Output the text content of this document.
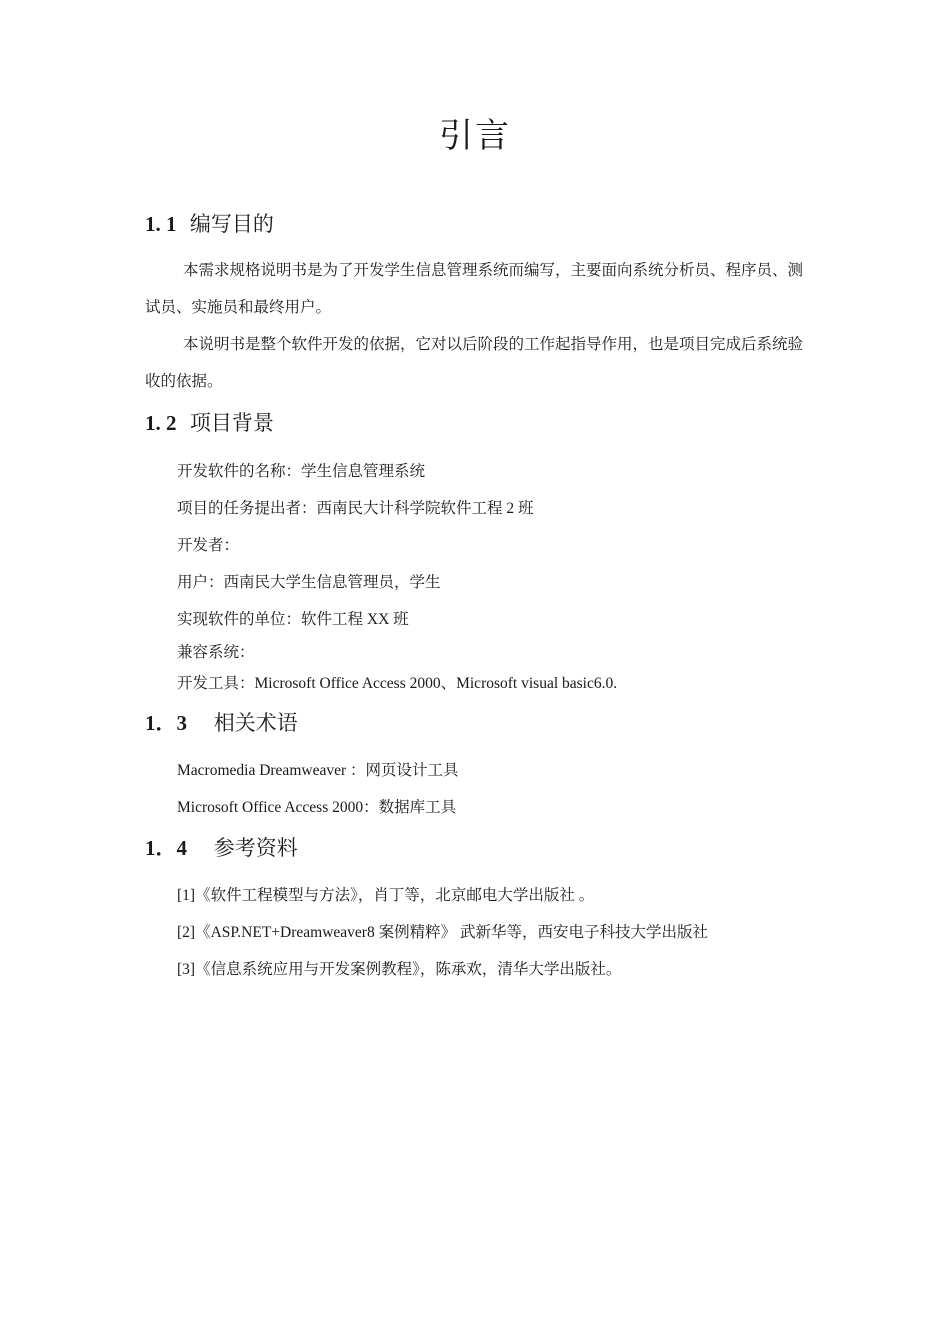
引言
1. 1 编写目的

本需求规格说明书是为了开发学生信息管理系统而编写，主要面向系统分析员、程序员、测试员、实施员和最终用户。

本说明书是整个软件开发的依据，它对以后阶段的工作起指导作用，也是项目完成后系统验收的依据。

1. 2 项目背景
开发软件的名称：学生信息管理系统
项目的任务提出者：西南民大计科学院软件工程 2 班
开发者：
用户：西南民大学生信息管理员，学生
实现软件的单位：软件工程 XX 班
兼容系统：
开发工具：Microsoft Office Access 2000、Microsoft visual basic6.0.
1．3 相关术语
Macromedia Dreamweaver ：网页设计工具
Microsoft Office Access 2000：数据库工具
1．4 参考资料
[1]《软件工程模型与方法》，肖丁等，北京邮电大学出版社 。
[2]《ASP.NET+Dreamweaver8 案例精粹》 武新华等，西安电子科技大学出版社
[3]《信息系统应用与开发案例教程》，陈承欢，清华大学出版社。
